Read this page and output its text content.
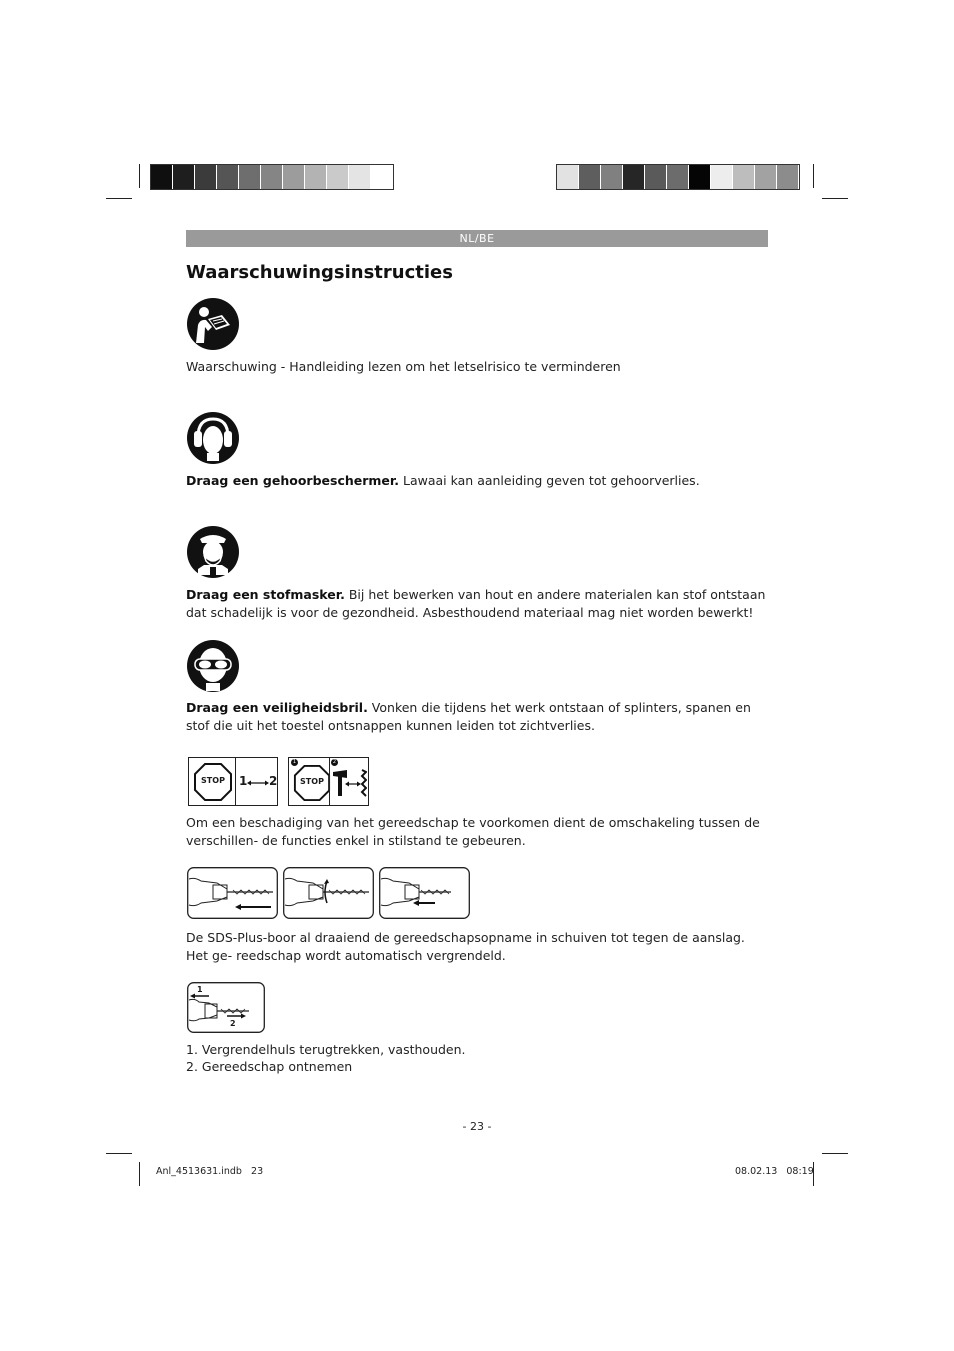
NL/BE
Waarschuwingsinstructies
Waarschuwing - Handleiding lezen om het letselrisico te verminderen
Draag een gehoorbeschermer. Lawaai kan aanleiding geven tot gehoorverlies.
Draag een stofmasker. Bij het bewerken van hout en andere materialen kan stof ontstaan dat schadelijk is voor de gezondheid. Asbesthoudend materiaal mag niet worden bewerkt!
Draag een veiligheidsbril. Vonken die tijdens het werk ontstaan of splinters, spanen en stof die uit het toestel ontsnappen kunnen leiden tot zichtverlies.
STOP	1 2
1
STOP
2
Om een beschadiging van het gereedschap te voorkomen dient de omschakeling tussen de verschillen- de functies enkel in stilstand te gebeuren.
De SDS-Plus-boor al draaiend de gereedschapsopname in schuiven tot tegen de aanslag. Het ge- reedschap wordt automatisch vergrendeld.
1
2
1. Vergrendelhuls terugtrekken, vasthouden.
2. Gereedschap ontnemen
- 23 -
Anl_4513631.indb   23	08.02.13   08:19
